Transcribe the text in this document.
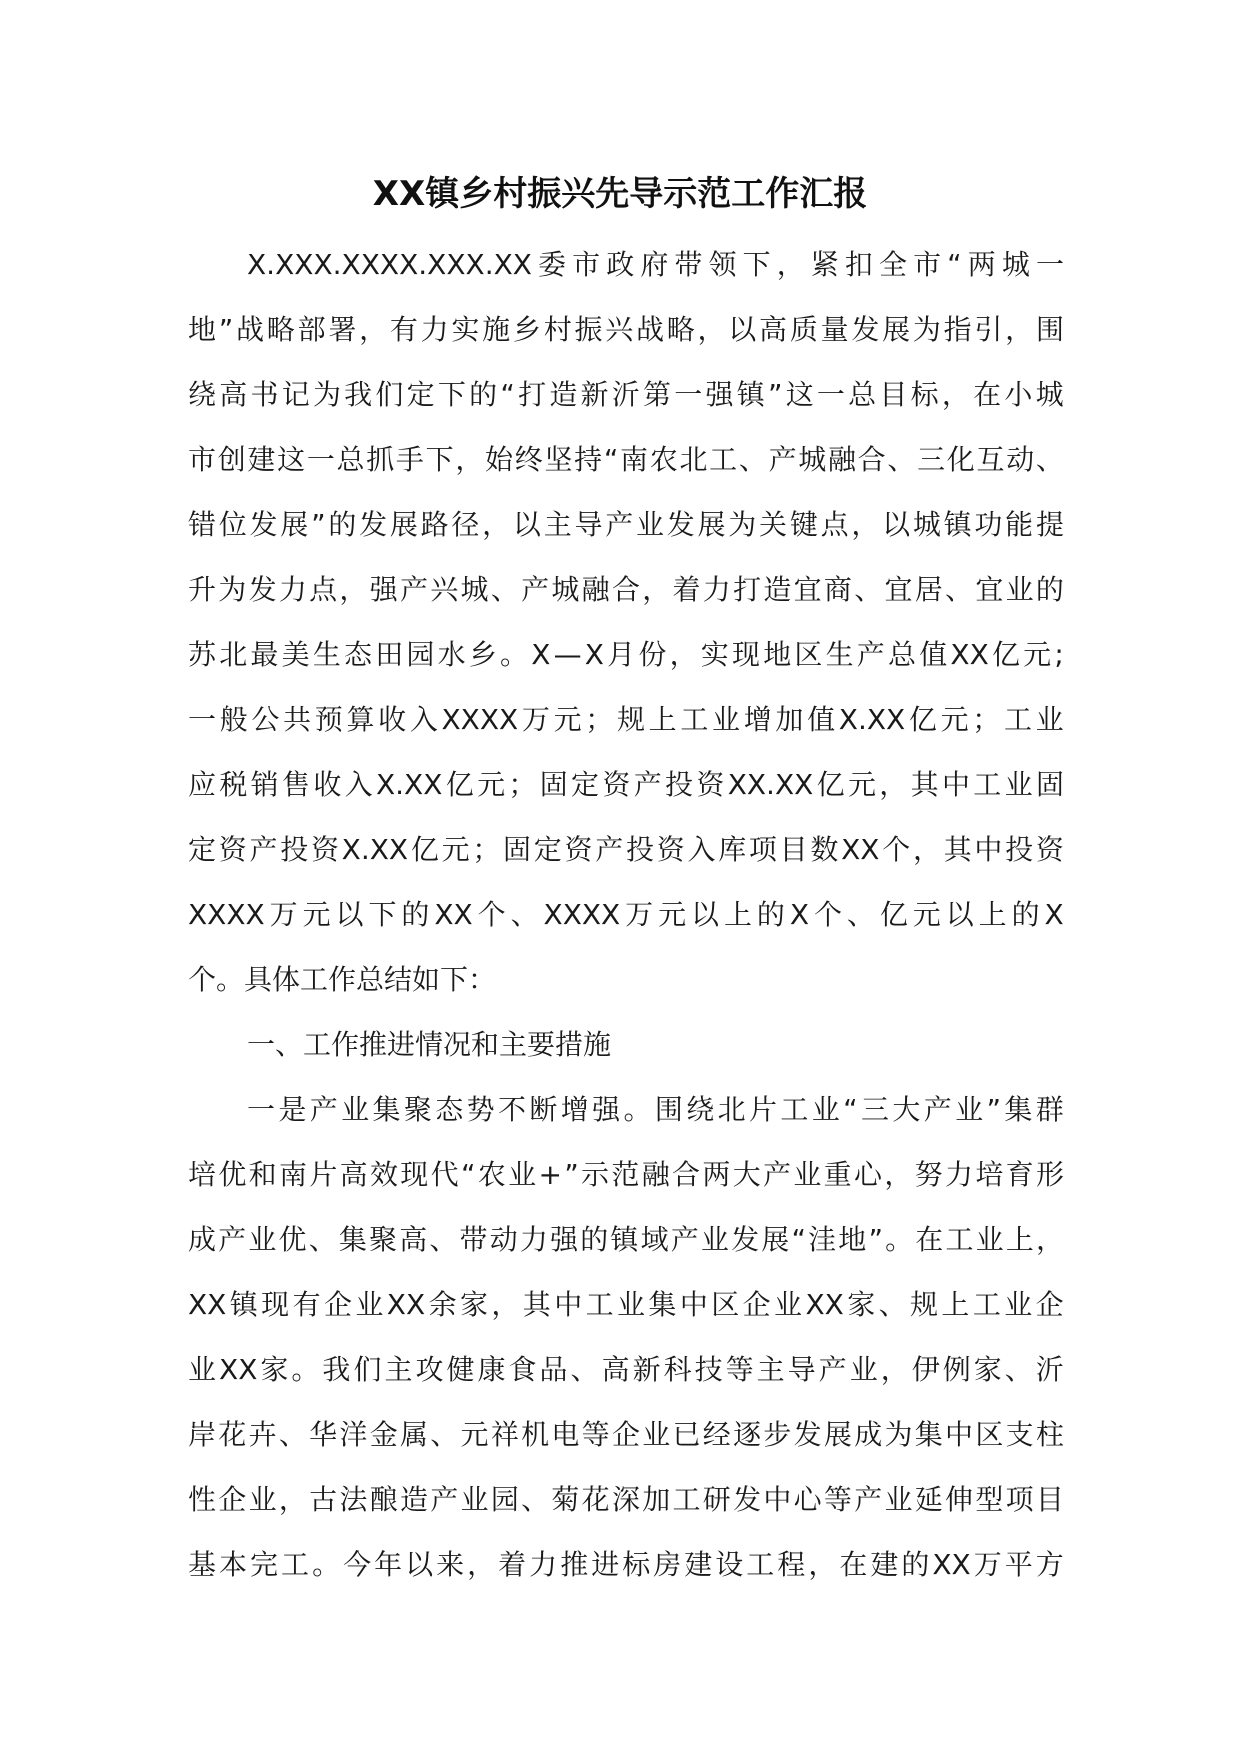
XX镇乡村振兴先导示范工作汇报
X.XXX.XXXX.XXX.XX 委 市 政 府 带 领 下 ， 紧 扣 全 市 “ 两 城 一
地 ” 战 略 部 署 ， 有 力 实 施 乡 村 振 兴 战 略 ， 以 高 质 量 发 展 为 指 引 ， 围
绕 高 书 记 为 我 们 定 下 的 “ 打 造 新 沂 第 一 强 镇 ” 这 一 总 目 标 ， 在 小 城
市 创 建 这 一 总 抓 手 下 ， 始 终 坚 持 “ 南 农 北 工 、 产 城 融 合 、 三 化 互 动 、
错 位 发 展 ” 的 发 展 路 径 ， 以 主 导 产 业 发 展 为 关 键 点 ， 以 城 镇 功 能 提
升 为 发 力 点 ， 强 产 兴 城 、 产 城 融 合 ， 着 力 打 造 宜 商 、 宜 居 、 宜 业 的
苏 北 最 美 生 态 田 园 水 乡 。 X — X 月 份 ， 实 现 地 区 生 产 总 值 XX 亿 元 ;
一 般 公 共 预 算 收 入 XXXX 万 元 ； 规 上 工 业 增 加 值 X.XX 亿 元 ； 工 业
应 税 销 售 收 入 X.XX 亿 元 ； 固 定 资 产 投 资 XX.XX 亿 元 ， 其 中 工 业 固
定 资 产 投 资 X.XX 亿 元 ； 固 定 资 产 投 资 入 库 项 目 数 XX 个 ， 其 中 投 资
XXXX 万 元 以 下 的 XX 个 、 XXXX 万 元 以 上 的 X 个 、 亿 元 以 上 的 X
个。具体工作总结如下：
一、工作推进情况和主要措施
一 是 产 业 集 聚 态 势 不 断 增 强 。 围 绕 北 片 工 业 “ 三 大 产 业 ” 集 群
培 优 和 南 片 高 效 现 代 “ 农 业 + ” 示 范 融 合 两 大 产 业 重 心 ， 努 力 培 育 形
成 产 业 优 、 集 聚 高 、 带 动 力 强 的 镇 域 产 业 发 展 “ 洼 地 ” 。 在 工 业 上 ，
XX 镇 现 有 企 业 XX 余 家 ， 其 中 工 业 集 中 区 企 业 XX 家 、 规 上 工 业 企
业 XX 家 。 我 们 主 攻 健 康 食 品 、 高 新 科 技 等 主 导 产 业 ， 伊 例 家 、 沂
岸 花 卉 、 华 洋 金 属 、 元 祥 机 电 等 企 业 已 经 逐 步 发 展 成 为 集 中 区 支 柱
性 企 业 ， 古 法 酿 造 产 业 园 、 菊 花 深 加 工 研 发 中 心 等 产 业 延 伸 型 项 目
基 本 完 工 。 今 年 以 来 ， 着 力 推 进 标 房 建 设 工 程 ， 在 建 的 XX 万 平 方
